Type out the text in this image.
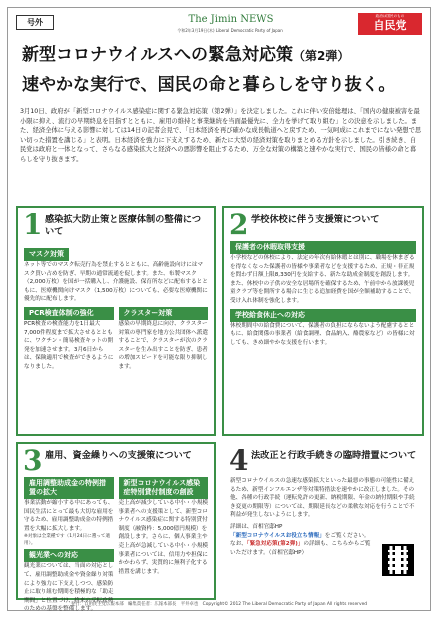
号外	The Jimin NEWS
令和2年3月19日(木) Liberal Democratic Party of Japan
政治は国民のもの
自民党
新型コロナウイルスへの緊急対応策（第2弾）
速やかな実行で、国民の命と暮らしを守り抜く。

3月10日、政府が「新型コロナウイルス感染症に関する緊急対応策（第2弾）」を決定しました。これに伴い安倍総理は、「国内の健康被害を最小限に抑え、流行の早期終息を目指すとともに、雇用の維持と事業継続を当面最優先に、全力を挙げて取り組む」との決意を示しました。また、経済全体に与える影響に対しては14日の記者会見で、「日本経済を再び確かな成長軌道へと戻すため、一気呵成にこれまでにない発想で思い切った措置を講じる」と表明。日本経済を強力に下支えするため、新たに大型の経済対策を取りまとめる方針を示しました。引き続き、自民党は政府と一体となって、さらなる感染拡大と経済への悪影響を阻止するため、万全な対策の構築と速やかな実行で、国民の皆様の命と暮らしを守り抜きます。

1 感染拡大防止策と医療体制の整備について
マスク対策

ネット等でのマスク転売行為を禁止するとともに、高齢施設向けにはマスク買い占めを防ぎ、早期の通常流通を促します。また、布製マスク（2,000万枚）を国が一括購入し、介護施設、保育所などに配布するとともに、医療機関向けマスク（1,500万枚）についても、必要な医療機関に優先的に配布します。

PCR検査体制の強化

PCR検査の検査能力を1日最大7,000件程度まで拡大させるとともに、ワクチン・簡易検査キットの開発を加速させます。3月6日からは、保険適用で検査ができるようになりました。

クラスター対策

感染の早期終息に向け、クラスター対策の専門家を地方公共団体へ派遣することで、クラスターが次のクラスターを生み出すことを防ぎ、患者の増加スピードを可能な限り抑制します。

2 学校休校に伴う支援策について
保護者の休暇取得支援

小学校などの休校により、法定の年次有給休暇とは別に、職場を休まざるを得なくなった保護者の皆様や事業者などを支援するため、正規・非正規を問わず日額上限8,330円を支給する、新たな助成金制度を創設します。また、休校中の子供の安全な居場所を確保するため、午前中から放課後児童クラブ等を開所する場合に生じる追加経費を国が全額補助することで、受け入れ体制を強化します。

学校給食休止への対応

休校期間中の給食費について、保護者の負担にならないよう配慮するとともに、給食関係の事業者（給食調理、食品納入、酪農家など）の皆様に対しても、きめ細やかな支援を行います。

3 雇用、資金繰りへの支援策について
雇用調整助成金の特例措置の拡大

事業活動が縮小する中にあっても、国民生活にとって最も大切な雇用を守るため、雇用調整助成金の特例措置を大幅に拡大します。

※対象は全業種です（1月24日に遡って適用）。

観光業への対応

観光業については、当面の対応として、雇用調整助成金や資金繰り対策により強力に下支えしつつ、感染防止に取り組む期間を積極的な「助走期間」と位置づけ、将来の反転攻勢のための基盤を整備します。

新型コロナウイルス感染症特別貸付制度の創設

売上高が減少している中小・小規模事業者への支援策として、新型コロナウイルス感染症に関する特別貸付制度（融資枠：5,000億円規模）を創設します。さらに、個人事業主や売上高が急減している中小・小規模事業者については、信用力や担保にかかわらず、実質的に無利子化する措置を講じます。

4 法改正と行政手続きの臨時措置について

新型コロナウイルスの急速な感染拡大といった最悪の事態の可能性に備えるため、新型インフルエンザ等対策特措法を速やかに改正しました。その他、各種の行政手続（運転免許の更新、納税期限、年金の納付期限や手続き変更の期限等）については、期限延長などの柔軟な対応を行うことで不利益が発生しないようにします。

詳細は、首相官邸HP
「新型コロナウイルスお役立ち情報」をご覧ください。
なお、「緊急対応策(第2弾)」の詳細も、こちらからご覧いただけます。（首相官邸HP）

発行：自由民主党広報本部　編集責任者：広報本部長　平井卓也　Copyright© 2012 The Liberal Democratic Party of Japan All rights reserved
